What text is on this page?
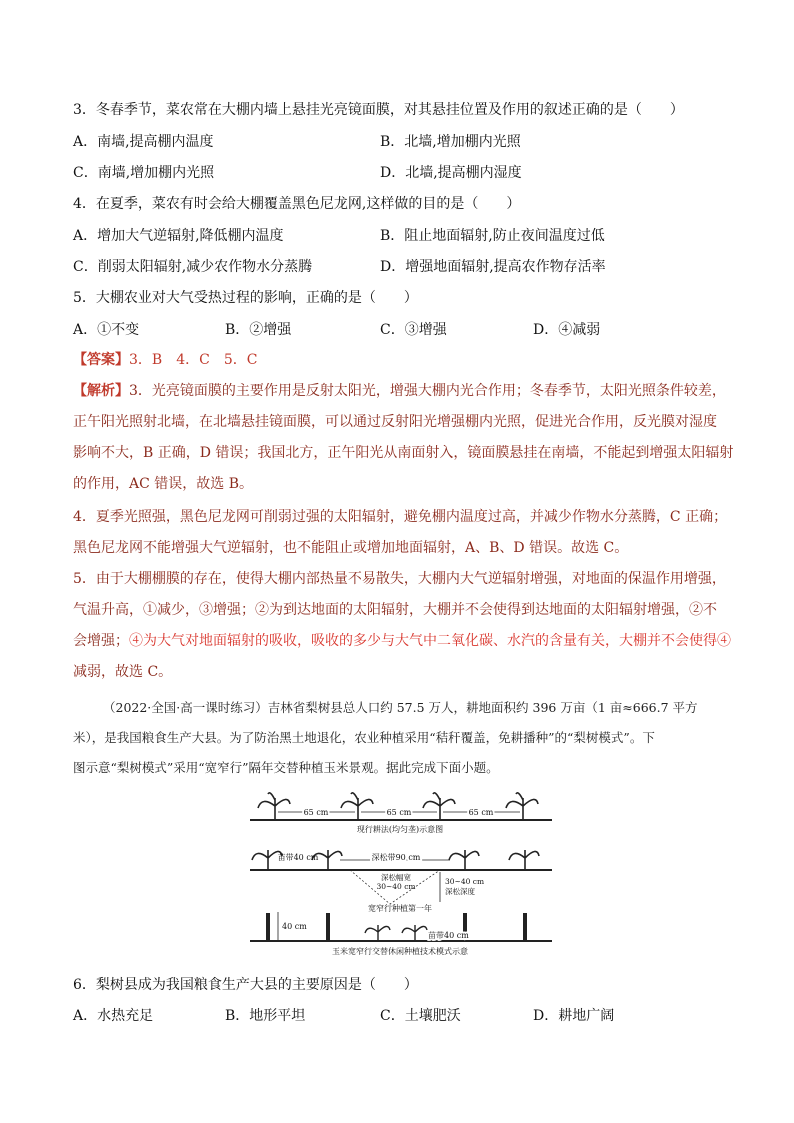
3．冬春季节，菜农常在大棚内墙上悬挂光亮镜面膜，对其悬挂位置及作用的叙述正确的是（　　）
A．南墙,提高棚内温度	B．北墙,增加棚内光照
C．南墙,增加棚内光照	D．北墙,提高棚内湿度
4．在夏季，菜农有时会给大棚覆盖黑色尼龙网,这样做的目的是（　　）
A．增加大气逆辐射,降低棚内温度	B．阻止地面辐射,防止夜间温度过低
C．削弱太阳辐射,减少农作物水分蒸腾	D．增强地面辐射,提高农作物存活率
5．大棚农业对大气受热过程的影响，正确的是（　　）
A．①不变	B．②增强	C．③增强	D．④减弱
【答案】3．B　4．C　5．C
【解析】3．光亮镜面膜的主要作用是反射太阳光，增强大棚内光合作用；冬春季节，太阳光照条件较差，
正午阳光照射北墙，在北墙悬挂镜面膜，可以通过反射阳光增强棚内光照，促进光合作用，反光膜对湿度
影响不大，B 正确，D 错误；我国北方，正午阳光从南面射入，镜面膜悬挂在南墙，不能起到增强太阳辐射
的作用，AC 错误，故选 B。
4．夏季光照强，黑色尼龙网可削弱过强的太阳辐射，避免棚内温度过高，并减少作物水分蒸腾，C 正确；
黑色尼龙网不能增强大气逆辐射，也不能阻止或增加地面辐射，A、B、D 错误。故选 C。
5．由于大棚棚膜的存在，使得大棚内部热量不易散失，大棚内大气逆辐射增强，对地面的保温作用增强，
气温升高，①减少，③增强；②为到达地面的太阳辐射，大棚并不会使得到达地面的太阳辐射增强，②不
会增强；④为大气对地面辐射的吸收，吸收的多少与大气中二氧化碳、水汽的含量有关，大棚并不会使得④
减弱，故选 C。
（2022·全国·高一课时练习）吉林省梨树县总人口约 57.5 万人，耕地面积约 396 万亩（1 亩≈666.7 平方
米），是我国粮食生产大县。为了防治黑土地退化，农业种植采用“秸秆覆盖，免耕播种”的“梨树模式”。下
图示意“梨树模式”采用“宽窄行”隔年交替种植玉米景观。据此完成下面小题。
65 cm	65 cm	65 cm
现行耕法(均匀垄)示意图
苗带40 cm	深松带90 cm
深松幅宽
30~40 cm
30~40 cm
深松深度
宽窄行种植第一年
40 cm
苗带40 cm
玉米宽窄行交替休闲种植技术模式示意
6．梨树县成为我国粮食生产大县的主要原因是（　　）
A．水热充足	B．地形平坦	C．土壤肥沃	D．耕地广阔
